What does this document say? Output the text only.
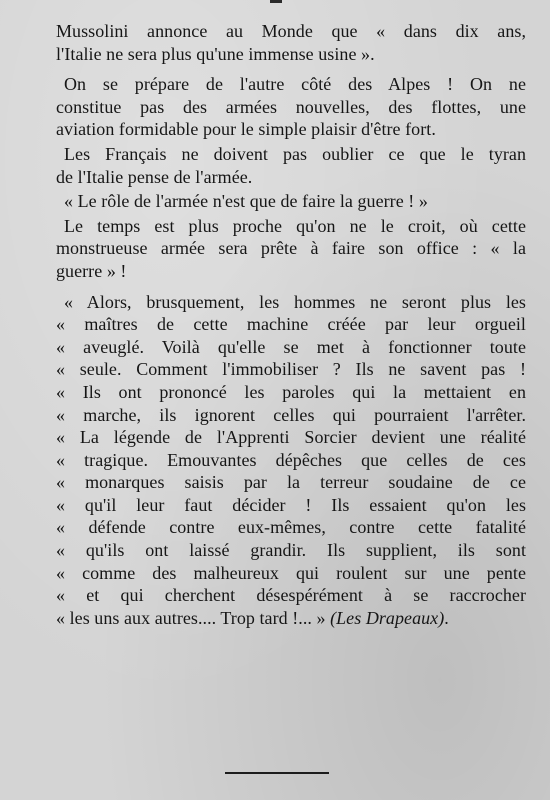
Mussolini annonce au Monde que « dans dix ans,
l'Italie ne sera plus qu'une immense usine ».
On se prépare de l'autre côté des Alpes ! On ne
constitue pas des armées nouvelles, des flottes, une
aviation formidable pour le simple plaisir d'être fort.
Les Français ne doivent pas oublier ce que le tyran
de l'Italie pense de l'armée.
« Le rôle de l'armée n'est que de faire la guerre ! »
Le temps est plus proche qu'on ne le croit, où cette
monstrueuse armée sera prête à faire son office : « la
guerre » !
« Alors, brusquement, les hommes ne seront plus les
« maîtres de cette machine créée par leur orgueil
« aveuglé. Voilà qu'elle se met à fonctionner toute
« seule. Comment l'immobiliser ? Ils ne savent pas !
« Ils ont prononcé les paroles qui la mettaient en
« marche, ils ignorent celles qui pourraient l'arrêter.
« La légende de l'Apprenti Sorcier devient une réalité
« tragique. Emouvantes dépêches que celles de ces
« monarques saisis par la terreur soudaine de ce
« qu'il leur faut décider ! Ils essaient qu'on les
« défende contre eux-mêmes, contre cette fatalité
« qu'ils ont laissé grandir. Ils supplient, ils sont
« comme des malheureux qui roulent sur une pente
« et qui cherchent désespérément à se raccrocher
« les uns aux autres.... Trop tard !... » (Les Drapeaux).
